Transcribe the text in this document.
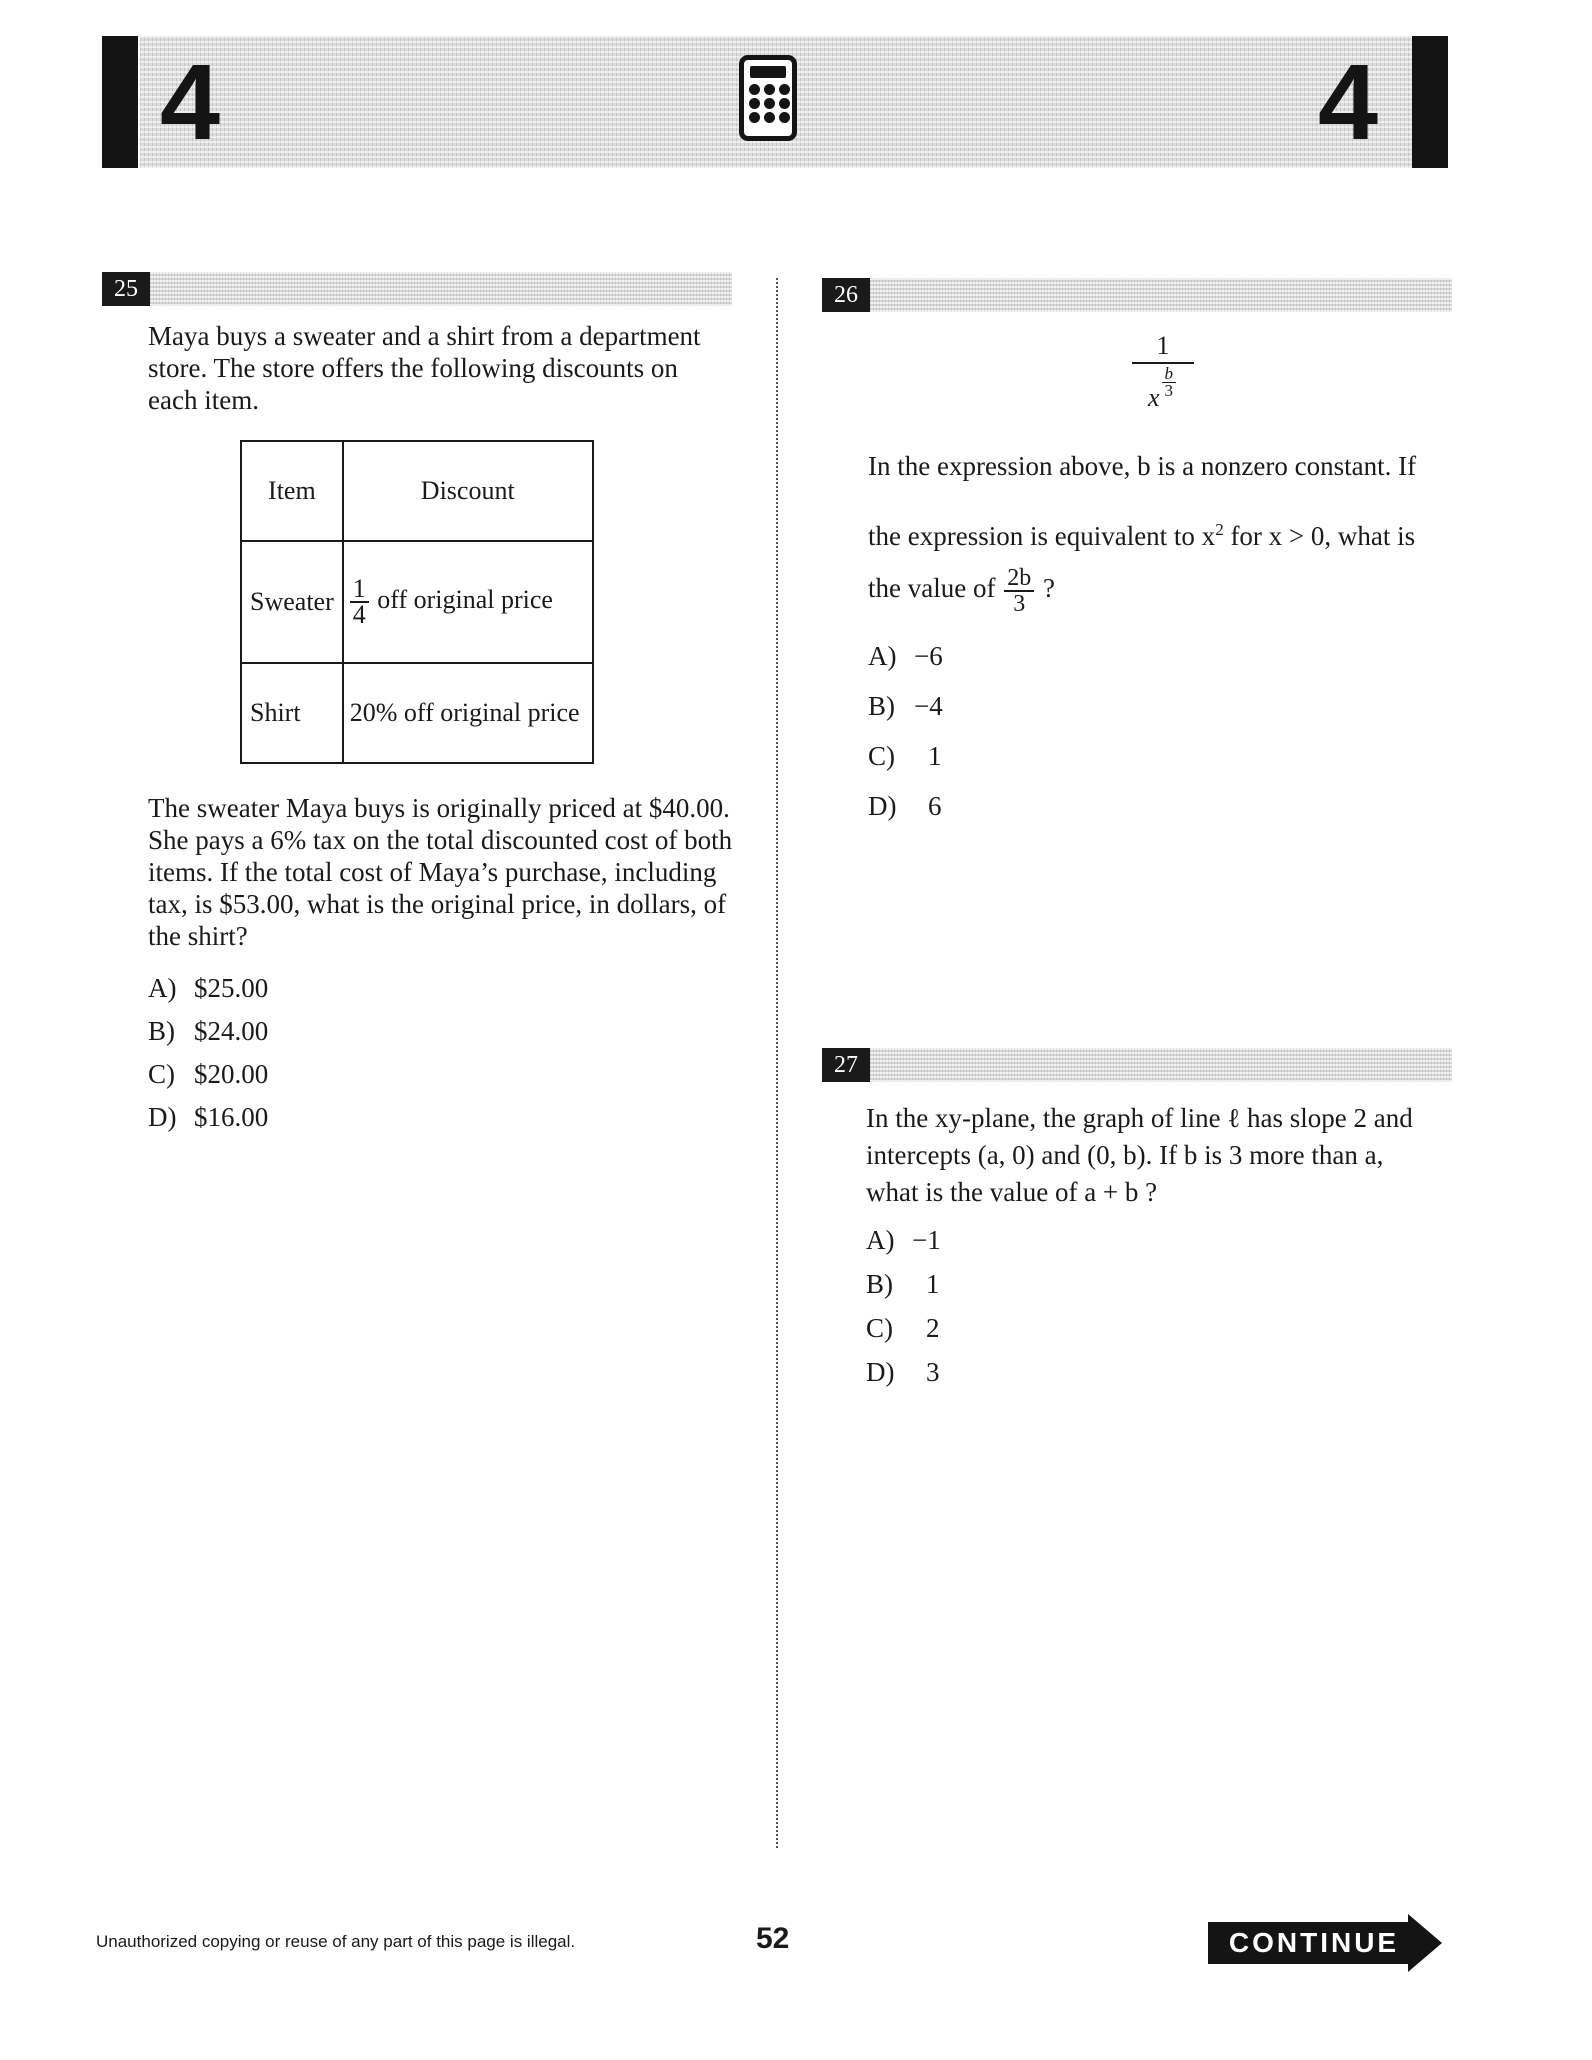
4	4
25
Maya buys a sweater and a shirt from a department store. The store offers the following discounts on each item.
Item	Discount
Sweater	$\frac{1}{4}$ off original price
Shirt	20% off original price
The sweater Maya buys is originally priced at $40.00. She pays a 6% tax on the total discounted cost of both items. If the total cost of Maya’s purchase, including tax, is $53.00, what is the original price, in dollars, of the shirt?
A) $25.00
B) $24.00
C) $20.00
D) $16.00
26
$\frac{1}{x \frac{b}{3}}$
In the expression above, b is a nonzero constant. If
the expression is equivalent to $x^2$ for x > 0, what is
the value of $\frac{2b}{3}$ ?
A) −6
B) −4
C) 1
D) 6
27
In the xy-plane, the graph of line ℓ has slope 2 and intercepts (a, 0) and (0, b). If b is 3 more than a, what is the value of a + b ?
A) −1
B) 1
C) 2
D) 3
Unauthorized copying or reuse of any part of this page is illegal.	52	CONTINUE
